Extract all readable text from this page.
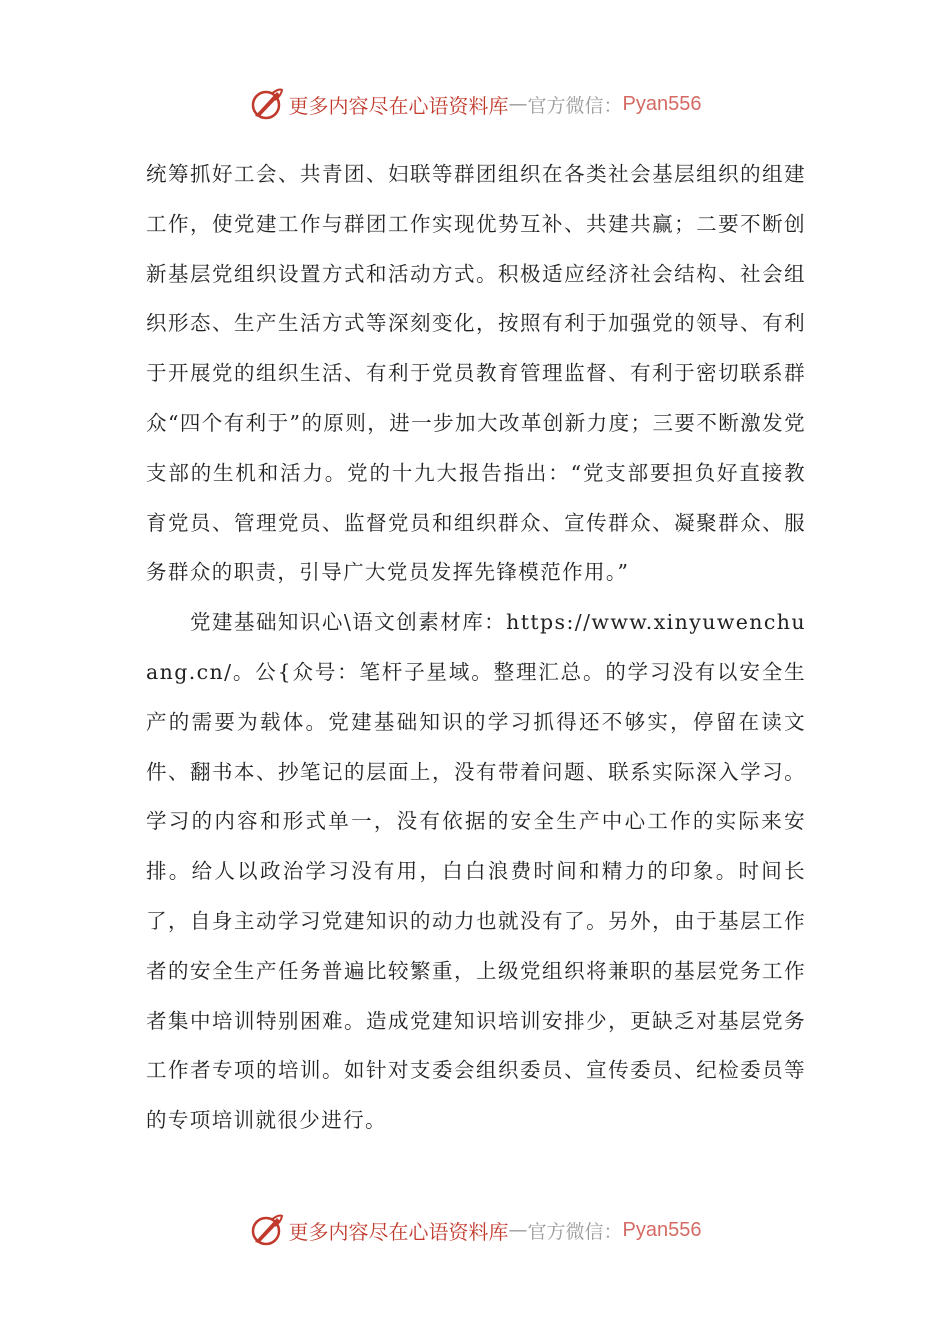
更多内容尽在心语资料库 — 官方微信： Pyan556

统筹抓好工会、共青团、妇联等群团组织在各类社会基层组织的组建工作，使党建工作与群团工作实现优势互补、共建共赢；二要不断创新基层党组织设置方式和活动方式。积极适应经济社会结构、社会组织形态、生产生活方式等深刻变化，按照有利于加强党的领导、有利于开展党的组织生活、有利于党员教育管理监督、有利于密切联系群众“四个有利于”的原则，进一步加大改革创新力度；三要不断激发党支部的生机和活力。党的十九大报告指出：“党支部要担负好直接教育党员、管理党员、监督党员和组织群众、宣传群众、凝聚群众、服务群众的职责，引导广大党员发挥先锋模范作用。”

党建基础知识心\语文创素材库：https://www.xinyuwenchuang.cn/。公{众号：笔杆子星域。整理汇总。的学习没有以安全生产的需要为载体。党建基础知识的学习抓得还不够实，停留在读文件、翻书本、抄笔记的层面上，没有带着问题、联系实际深入学习。学习的内容和形式单一，没有依据的安全生产中心工作的实际来安排。给人以政治学习没有用，白白浪费时间和精力的印象。时间长了，自身主动学习党建知识的动力也就没有了。另外，由于基层工作者的安全生产任务普遍比较繁重，上级党组织将兼职的基层党务工作者集中培训特别困难。造成党建知识培训安排少，更缺乏对基层党务工作者专项的培训。如针对支委会组织委员、宣传委员、纪检委员等的专项培训就很少进行。

更多内容尽在心语资料库 — 官方微信： Pyan556
